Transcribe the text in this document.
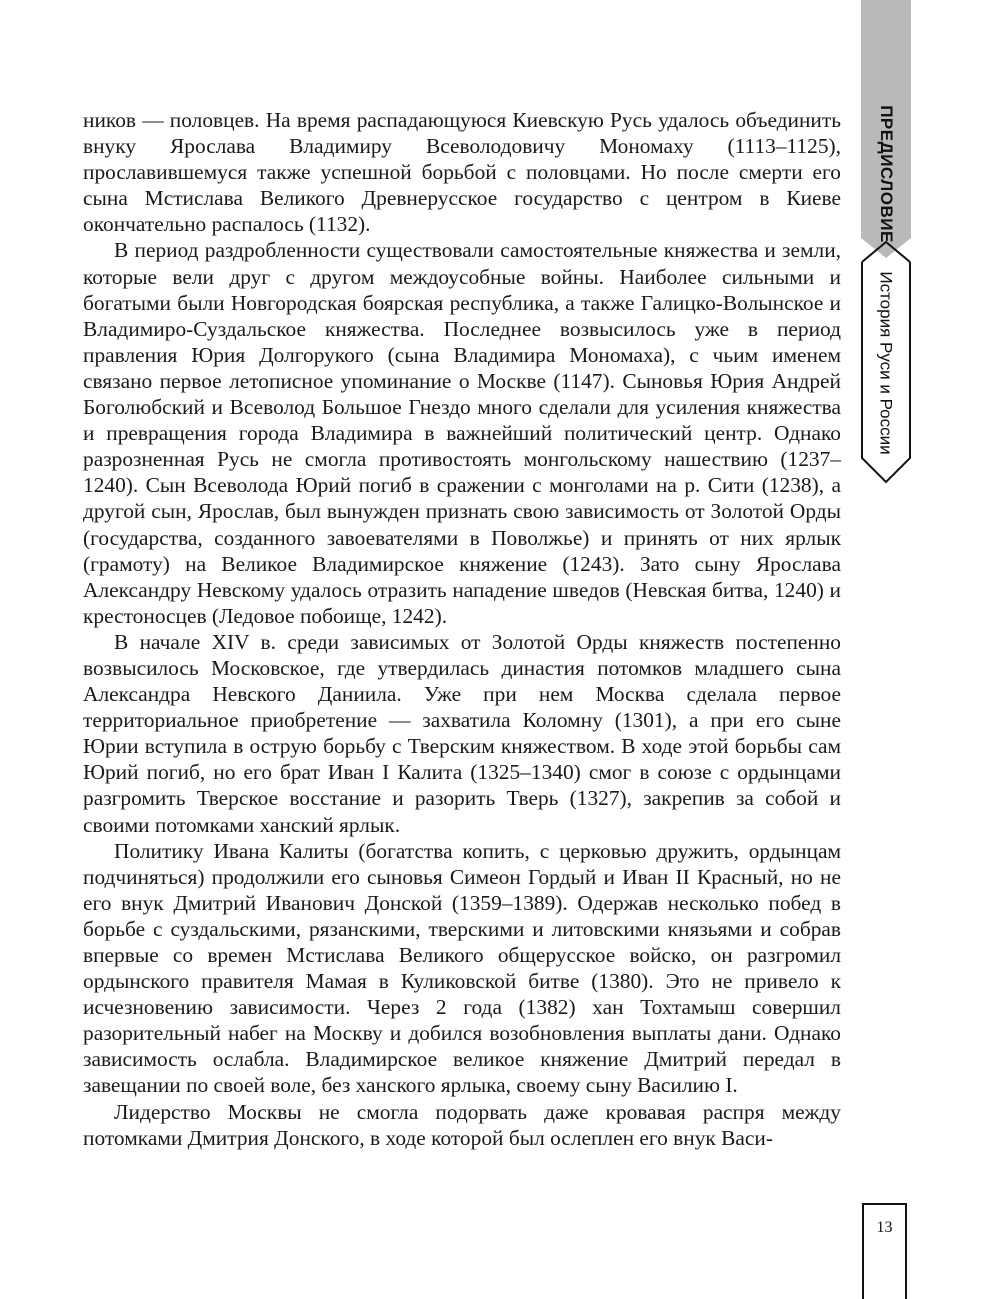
ников — половцев. На время распадающуюся Киевскую Русь удалось объединить внуку Ярослава Владимиру Всеволодовичу Мономаху (1113–1125), прославившемуся также успешной борьбой с половцами. Но после смерти его сына Мстислава Великого Древнерусское государство с центром в Киеве окончательно распалось (1132).

В период раздробленности существовали самостоятельные княжества и земли, которые вели друг с другом междоусобные войны. Наиболее сильными и богатыми были Новгородская боярская республика, а также Галицко-Волынское и Владимиро-Суздальское княжества. Последнее возвысилось уже в период правления Юрия Долгорукого (сына Владимира Мономаха), с чьим именем связано первое летописное упоминание о Москве (1147). Сыновья Юрия Андрей Боголюбский и Всеволод Большое Гнездо много сделали для усиления княжества и превращения города Владимира в важнейший политический центр. Однако разрозненная Русь не смогла противостоять монгольскому нашествию (1237–1240). Сын Всеволода Юрий погиб в сражении с монголами на р. Сити (1238), а другой сын, Ярослав, был вынужден признать свою зависимость от Золотой Орды (государства, созданного завоевателями в Поволжье) и принять от них ярлык (грамоту) на Великое Владимирское княжение (1243). Зато сыну Ярослава Александру Невскому удалось отразить нападение шведов (Невская битва, 1240) и крестоносцев (Ледовое побоище, 1242).

В начале XIV в. среди зависимых от Золотой Орды княжеств постепенно возвысилось Московское, где утвердилась династия потомков младшего сына Александра Невского Даниила. Уже при нем Москва сделала первое территориальное приобретение — захватила Коломну (1301), а при его сыне Юрии вступила в острую борьбу с Тверским княжеством. В ходе этой борьбы сам Юрий погиб, но его брат Иван I Калита (1325–1340) смог в союзе с ордынцами разгромить Тверское восстание и разорить Тверь (1327), закрепив за собой и своими потомками ханский ярлык.

Политику Ивана Калиты (богатства копить, с церковью дружить, ордынцам подчиняться) продолжили его сыновья Симеон Гордый и Иван II Красный, но не его внук Дмитрий Иванович Донской (1359–1389). Одержав несколько побед в борьбе с суздальскими, рязанскими, тверскими и литовскими князьями и собрав впервые со времен Мстислава Великого общерусское войско, он разгромил ордынского правителя Мамая в Куликовской битве (1380). Это не привело к исчезновению зависимости. Через 2 года (1382) хан Тохтамыш совершил разорительный набег на Москву и добился возобновления выплаты дани. Однако зависимость ослабла. Владимирское великое княжение Дмитрий передал в завещании по своей воле, без ханского ярлыка, своему сыну Василию I.

Лидерство Москвы не смогла подорвать даже кровавая распря между потомками Дмитрия Донского, в ходе которой был ослеплен его внук Васи-

ПРЕДИСЛОВИЕ
История Руси и России
13
